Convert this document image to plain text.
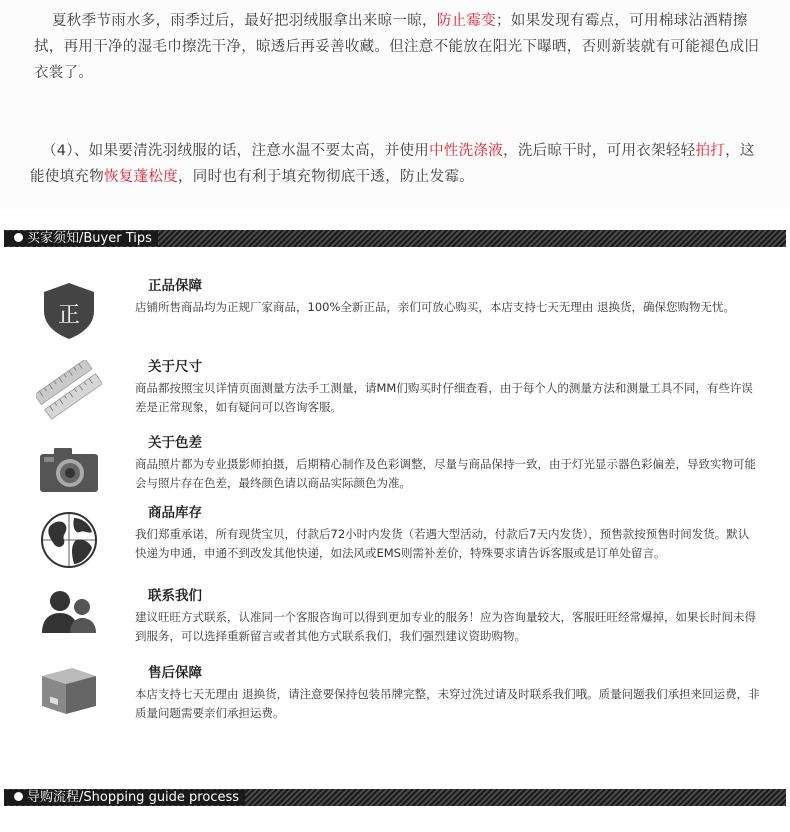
夏秋季节雨水多，雨季过后，最好把羽绒服拿出来晾一晾，防止霉变；如果发现有霉点，可用棉球沾酒精擦拭，再用干净的湿毛巾擦洗干净，晾透后再妥善收藏。但注意不能放在阳光下曝晒，否则新装就有可能褪色成旧衣裳了。
（4）、如果要清洗羽绒服的话，注意水温不要太高，并使用中性洗涤液，洗后晾干时，可用衣架轻轻拍打，这能使填充物恢复蓬松度，同时也有利于填充物彻底干透，防止发霉。
买家须知/Buyer Tips
正
正品保障
店铺所售商品均为正规厂家商品，100%全新正品，亲们可放心购买，本店支持七天无理由 退换货，确保您购物无忧。
关于尺寸
商品都按照宝贝详情页面测量方法手工测量，请MM们购买时仔细查看，由于每个人的测量方法和测量工具不同，有些许误差是正常现象，如有疑问可以咨询客服。
关于色差
商品照片都为专业摄影师拍摄，后期精心制作及色彩调整，尽量与商品保持一致，由于灯光显示器色彩偏差，导致实物可能会与照片存在色差，最终颜色请以商品实际颜色为准。
商品库存
我们郑重承诺，所有现货宝贝，付款后72小时内发货（若遇大型活动，付款后7天内发货），预售款按预售时间发货。默认快递为申通，申通不到改发其他快递，如法风或EMS则需补差价，特殊要求请告诉客服或是订单处留言。
联系我们
建议旺旺方式联系，认准同一个客服咨询可以得到更加专业的服务！应为咨询量较大，客服旺旺经常爆掉，如果长时间未得到服务，可以选择重新留言或者其他方式联系我们，我们强烈建议资助购物。
售后保障
本店支持七天无理由 退换货，请注意要保持包装吊牌完整，未穿过洗过请及时联系我们哦。质量问题我们承担来回运费，非质量问题需要亲们承担运费。
导购流程/Shopping guide process
